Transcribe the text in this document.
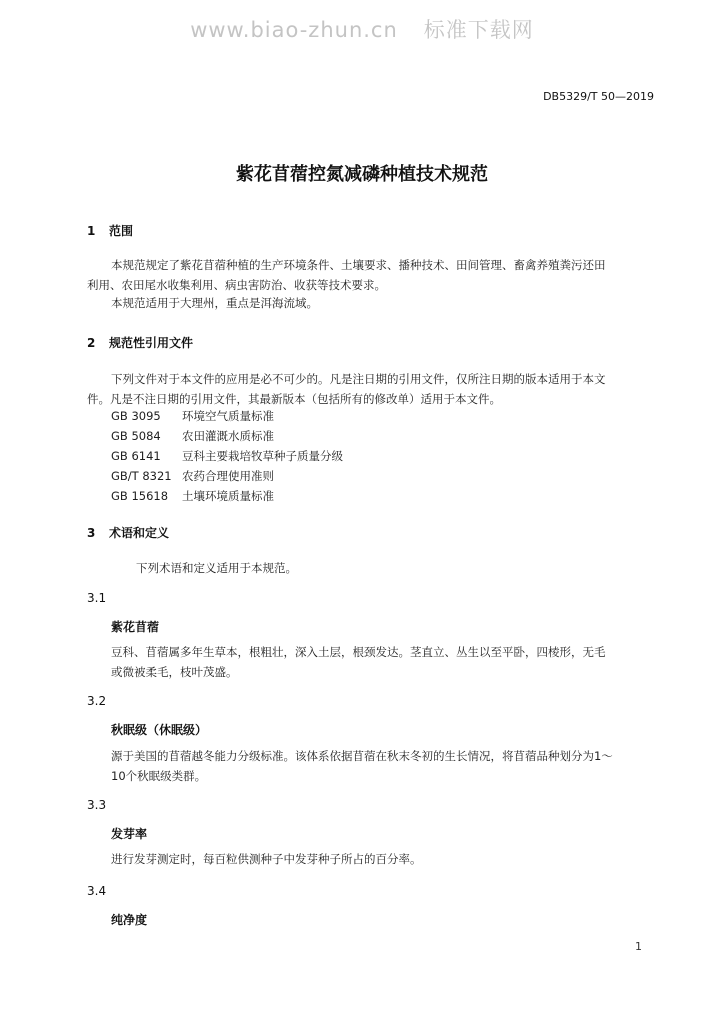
www.biao-zhun.cn 标准下载网
DB5329/T 50—2019
紫花苜蓿控氮减磷种植技术规范
1 范围
本规范规定了紫花苜蓿种植的生产环境条件、土壤要求、播种技术、田间管理、畜禽养殖粪污还田
利用、农田尾水收集利用、病虫害防治、收获等技术要求。
本规范适用于大理州，重点是洱海流域。
2 规范性引用文件
下列文件对于本文件的应用是必不可少的。凡是注日期的引用文件，仅所注日期的版本适用于本文
件。凡是不注日期的引用文件，其最新版本（包括所有的修改单）适用于本文件。
GB 3095 环境空气质量标准
GB 5084 农田灌溉水质标准
GB 6141 豆科主要栽培牧草种子质量分级
GB/T 8321 农药合理使用准则
GB 15618 土壤环境质量标准
3 术语和定义
下列术语和定义适用于本规范。
3.1
紫花苜蓿
豆科、苜蓿属多年生草本，根粗壮，深入土层，根颈发达。茎直立、丛生以至平卧，四棱形，无毛
或微被柔毛，枝叶茂盛。
3.2
秋眠级（休眠级）
源于美国的苜蓿越冬能力分级标准。该体系依据苜蓿在秋末冬初的生长情况，将苜蓿品种划分为1～
10个秋眠级类群。
3.3
发芽率
进行发芽测定时，每百粒供测种子中发芽种子所占的百分率。
3.4
纯净度
1
